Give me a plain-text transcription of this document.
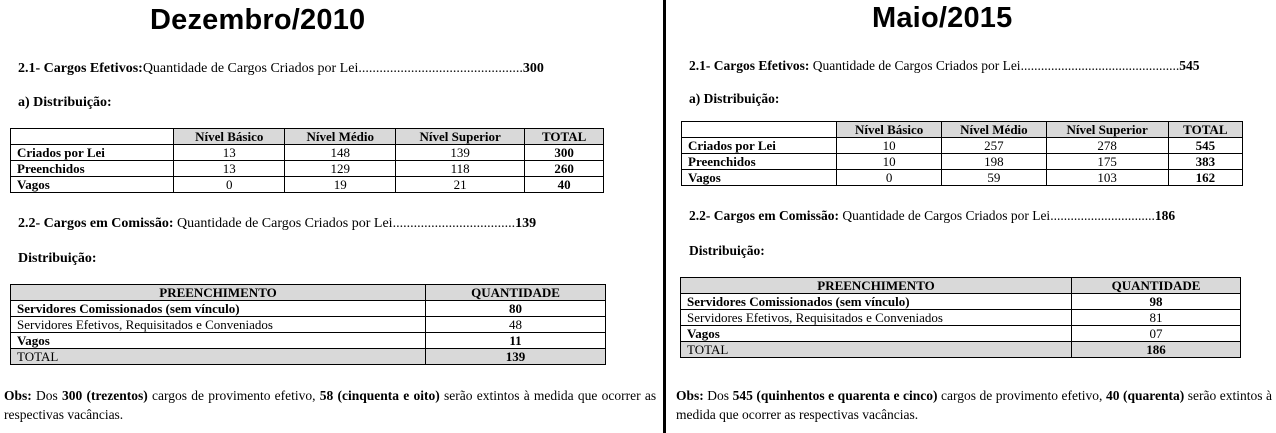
Dezembro/2010
2.1- Cargos Efetivos:Quantidade de Cargos Criados por Lei...............................................300
a) Distribuição:
	Nível Básico	Nível Médio	Nível Superior	TOTAL
Criados por Lei	13	148	139	300
Preenchidos	13	129	118	260
Vagos	0	19	21	40
2.2- Cargos em Comissão: Quantidade de Cargos Criados por Lei...................................139
Distribuição:
PREENCHIMENTO	QUANTIDADE
Servidores Comissionados (sem vínculo)	80
Servidores Efetivos, Requisitados e Conveniados	48
Vagos	11
TOTAL	139
Obs: Dos 300 (trezentos) cargos de provimento efetivo, 58 (cinquenta e oito) serão extintos à medida que ocorrer as respectivas vacâncias.
Maio/2015
2.1- Cargos Efetivos: Quantidade de Cargos Criados por Lei...............................................545
a) Distribuição:
	Nível Básico	Nível Médio	Nível Superior	TOTAL
Criados por Lei	10	257	278	545
Preenchidos	10	198	175	383
Vagos	0	59	103	162
2.2- Cargos em Comissão: Quantidade de Cargos Criados por Lei...............................186
Distribuição:
PREENCHIMENTO	QUANTIDADE
Servidores Comissionados (sem vínculo)	98
Servidores Efetivos, Requisitados e Conveniados	81
Vagos	07
TOTAL	186
Obs: Dos 545 (quinhentos e quarenta e cinco) cargos de provimento efetivo, 40 (quarenta) serão extintos à medida que ocorrer as respectivas vacâncias.
